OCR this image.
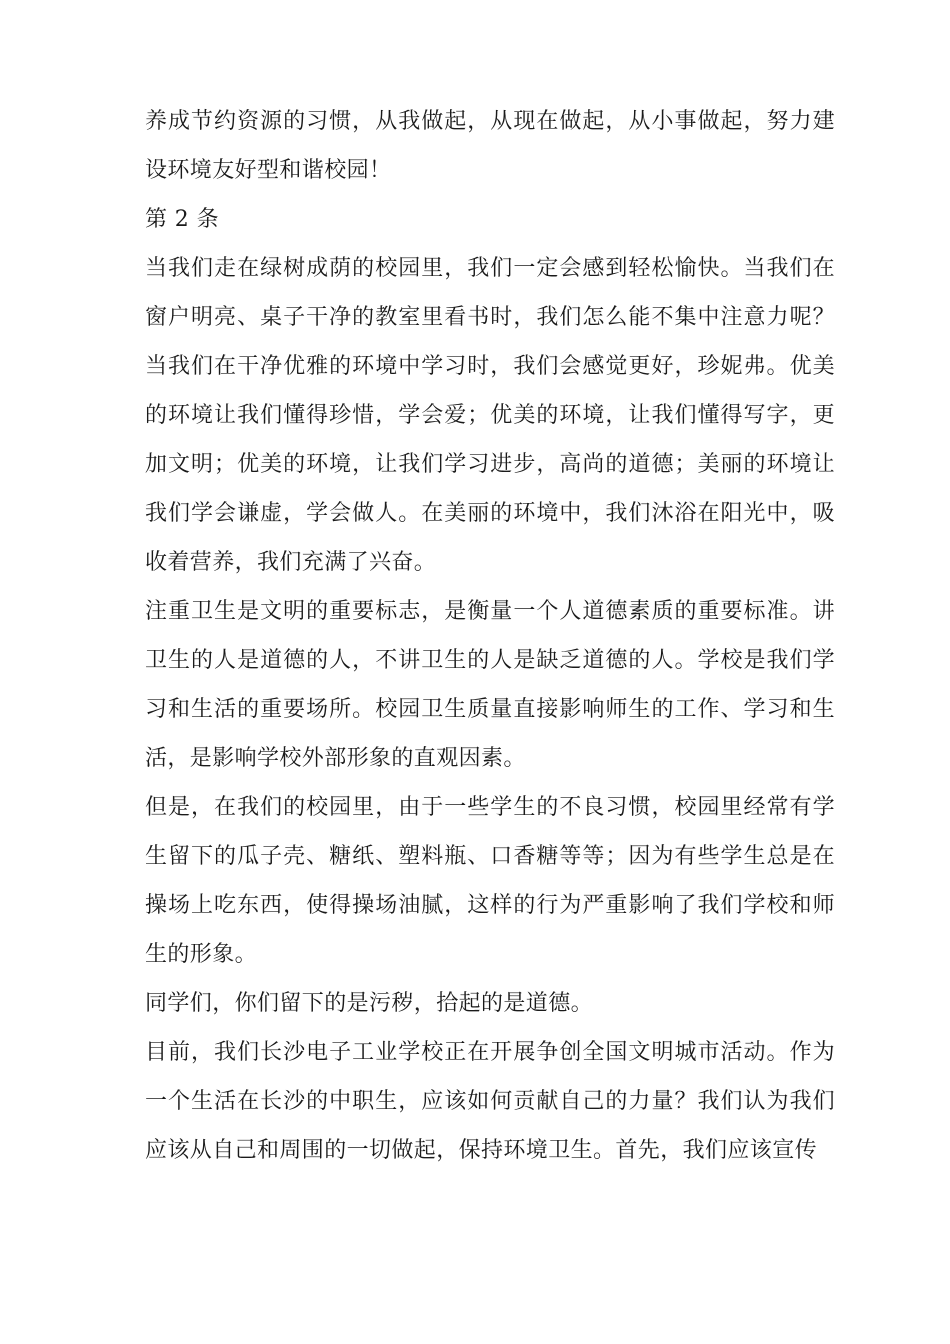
养成节约资源的习惯，从我做起，从现在做起，从小事做起，努力建设环境友好型和谐校园！

第 2 条

当我们走在绿树成荫的校园里，我们一定会感到轻松愉快。当我们在窗户明亮、桌子干净的教室里看书时，我们怎么能不集中注意力呢？当我们在干净优雅的环境中学习时，我们会感觉更好，珍妮弗。优美的环境让我们懂得珍惜，学会爱；优美的环境，让我们懂得写字，更加文明；优美的环境，让我们学习进步，高尚的道德；美丽的环境让我们学会谦虚，学会做人。在美丽的环境中，我们沐浴在阳光中，吸收着营养，我们充满了兴奋。

注重卫生是文明的重要标志，是衡量一个人道德素质的重要标准。讲卫生的人是道德的人，不讲卫生的人是缺乏道德的人。学校是我们学习和生活的重要场所。校园卫生质量直接影响师生的工作、学习和生活，是影响学校外部形象的直观因素。

但是，在我们的校园里，由于一些学生的不良习惯，校园里经常有学生留下的瓜子壳、糖纸、塑料瓶、口香糖等等；因为有些学生总是在操场上吃东西，使得操场油腻，这样的行为严重影响了我们学校和师生的形象。

同学们，你们留下的是污秽，拾起的是道德。

目前，我们长沙电子工业学校正在开展争创全国文明城市活动。作为一个生活在长沙的中职生，应该如何贡献自己的力量？我们认为我们应该从自己和周围的一切做起，保持环境卫生。首先，我们应该宣传
